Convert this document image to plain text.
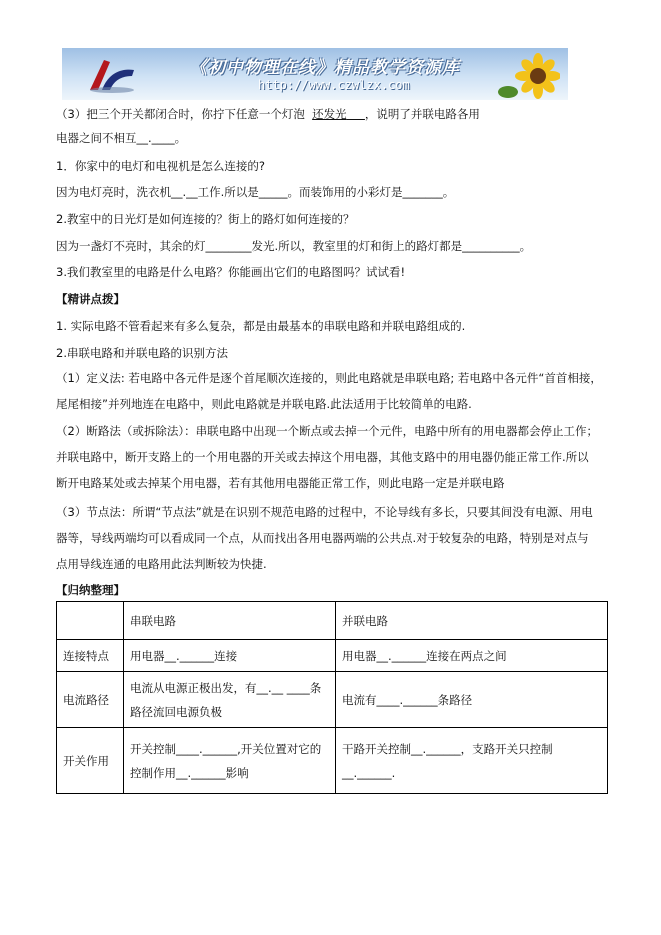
《初中物理在线》精品教学资源库
http://www.czwlzx.com
（3）把三个开关都闭合时，你拧下任意一个灯泡 还发光 ，说明了并联电路各用
电器之间不相互__.____。
1．你家中的电灯和电视机是怎么连接的?
因为电灯亮时，洗衣机__.__工作.所以是_____。而装饰用的小彩灯是_______。
2.教室中的日光灯是如何连接的？街上的路灯如何连接的？
因为一盏灯不亮时，其余的灯________发光.所以，教室里的灯和街上的路灯都是__________。
3.我们教室里的电路是什么电路？你能画出它们的电路图吗？试试看!
【精讲点拨】
1. 实际电路不管看起来有多么复杂，都是由最基本的串联电路和并联电路组成的.
2.串联电路和并联电路的识别方法
（1）定义法: 若电路中各元件是逐个首尾顺次连接的，则此电路就是串联电路; 若电路中各元件“首首相接，
尾尾相接”并列地连在电路中，则此电路就是并联电路.此法适用于比较简单的电路.
（2）断路法（或拆除法）：串联电路中出现一个断点或去掉一个元件，电路中所有的用电器都会停止工作；
并联电路中，断开支路上的一个用电器的开关或去掉这个用电器，其他支路中的用电器仍能正常工作.所以
断开电路某处或去掉某个用电器，若有其他用电器能正常工作，则此电路一定是并联电路
（3）节点法：所谓“节点法”就是在识别不规范电路的过程中，不论导线有多长，只要其间没有电源、用电
器等，导线两端均可以看成同一个点，从而找出各用电器两端的公共点.对于较复杂的电路，特别是对点与
点用导线连通的电路用此法判断较为快捷.
【归纳整理】
	串联电路	并联电路
连接特点	用电器__.______连接	用电器__.______连接在两点之间
电流路径	电流从电源正极出发，有__.__ ____条路径流回电源负极	电流有____.______条路径
开关作用	开关控制____.______,开关位置对它的控制作用__.______影响	干路开关控制__.______，支路开关只控制__.______.
